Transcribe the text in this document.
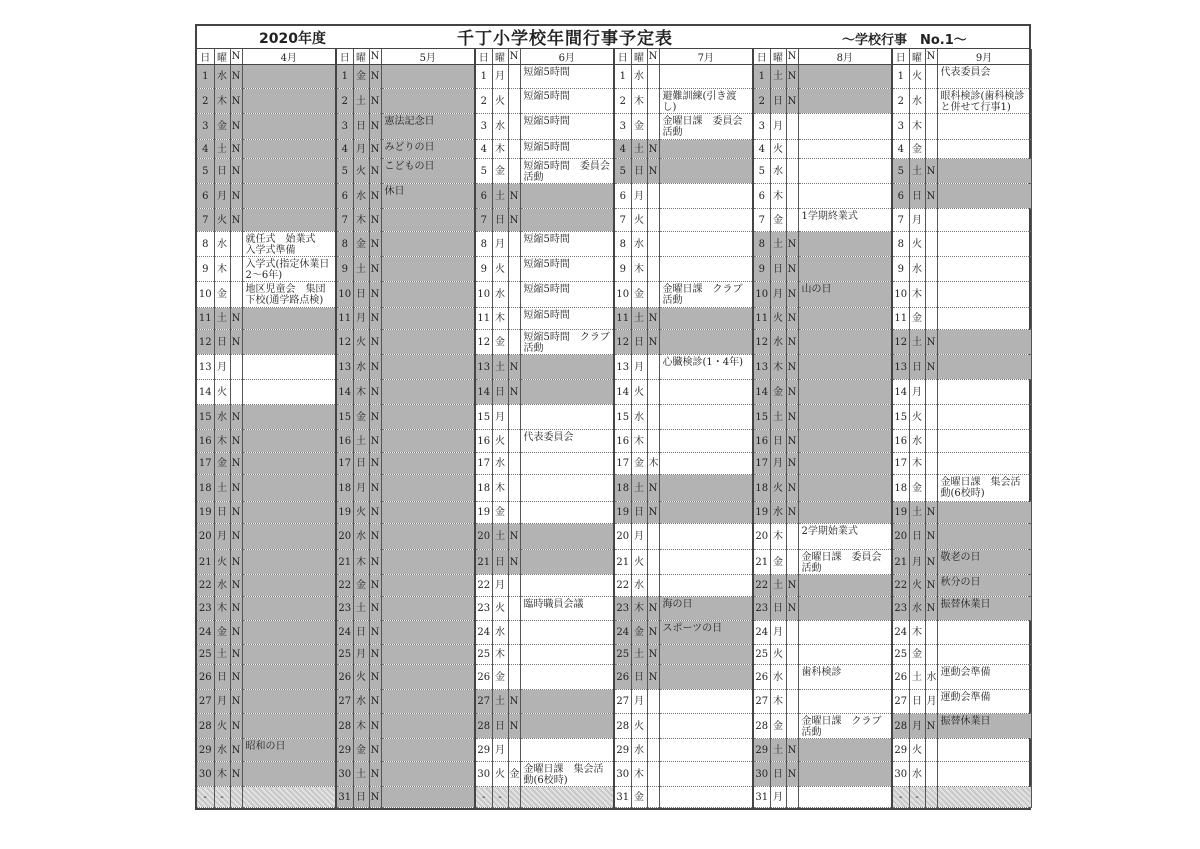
2020年度	千丁小学校年間行事予定表	～学校行事　No.1～
日	曜	N	4月	日	曜	N	5月	日	曜	N	6月	日	曜	N	7月	日	曜	N	8月	日	曜	N	9月
1	水	N		1	金	N		1	月		短縮5時間	1	水			1	土	N		1	火		代表委員会
2	木	N		2	土	N		2	火		短縮5時間	2	木		避難訓練(引き渡し)	2	日	N		2	水		眼科検診(歯科検診と併せて行事1)
3	金	N		3	日	N	憲法記念日	3	水		短縮5時間	3	金		金曜日課　委員会活動	3	月			3	木		
4	土	N		4	月	N	みどりの日	4	木		短縮5時間	4	土	N		4	火			4	金		
5	日	N		5	火	N	こどもの日	5	金		短縮5時間　委員会活動	5	日	N		5	水			5	土	N	
6	月	N		6	水	N	休日	6	土	N		6	月			6	木			6	日	N	
7	火	N		7	木	N		7	日	N		7	火			7	金		1学期終業式	7	月		
8	水		就任式　始業式　入学式準備	8	金	N		8	月		短縮5時間	8	水			8	土	N		8	火		
9	木		入学式(指定休業日2～6年)	9	土	N		9	火		短縮5時間	9	木			9	日	N		9	水		
10	金		地区児童会　集団下校(通学路点検)	10	日	N		10	水		短縮5時間	10	金		金曜日課　クラブ活動	10	月	N	山の日	10	木		
11	土	N		11	月	N		11	木		短縮5時間	11	土	N		11	火	N		11	金		
12	日	N		12	火	N		12	金		短縮5時間　クラブ活動	12	日	N		12	水	N		12	土	N	
13	月			13	水	N		13	土	N		13	月		心臓検診(1・4年)	13	木	N		13	日	N	
14	火			14	木	N		14	日	N		14	火			14	金	N		14	月		
15	水	N		15	金	N		15	月			15	水			15	土	N		15	火		
16	木	N		16	土	N		16	火		代表委員会	16	木			16	日	N		16	水		
17	金	N		17	日	N		17	水			17	金	木		17	月	N		17	木		
18	土	N		18	月	N		18	木			18	土	N		18	火	N		18	金		金曜日課　集会活動(6校時)
19	日	N		19	火	N		19	金			19	日	N		19	水	N		19	土	N	
20	月	N		20	水	N		20	土	N		20	月			20	木		2学期始業式	20	日	N	
21	火	N		21	木	N		21	日	N		21	火			21	金		金曜日課　委員会活動	21	月	N	敬老の日
22	水	N		22	金	N		22	月			22	水			22	土	N		22	火	N	秋分の日
23	木	N		23	土	N		23	火		臨時職員会議	23	木	N	海の日	23	日	N		23	水	N	振替休業日
24	金	N		24	日	N		24	水			24	金	N	スポーツの日	24	月			24	木		
25	土	N		25	月	N		25	木			25	土	N		25	火			25	金		
26	日	N		26	火	N		26	金			26	日	N		26	水		歯科検診	26	土	水	運動会準備
27	月	N		27	水	N		27	土	N		27	月			27	木			27	日	月	運動会準備
28	火	N		28	木	N		28	日	N		28	火			28	金		金曜日課　クラブ活動	28	月	N	振替休業日
29	水	N	昭和の日	29	金	N		29	月			29	水			29	土	N		29	火		
30	木	N		30	土	N		30	火	金	金曜日課　集会活動(6校時)	30	木			30	日	N		30	水		
-	-			31	日	N		-	-			31	金			31	月			-	-		
